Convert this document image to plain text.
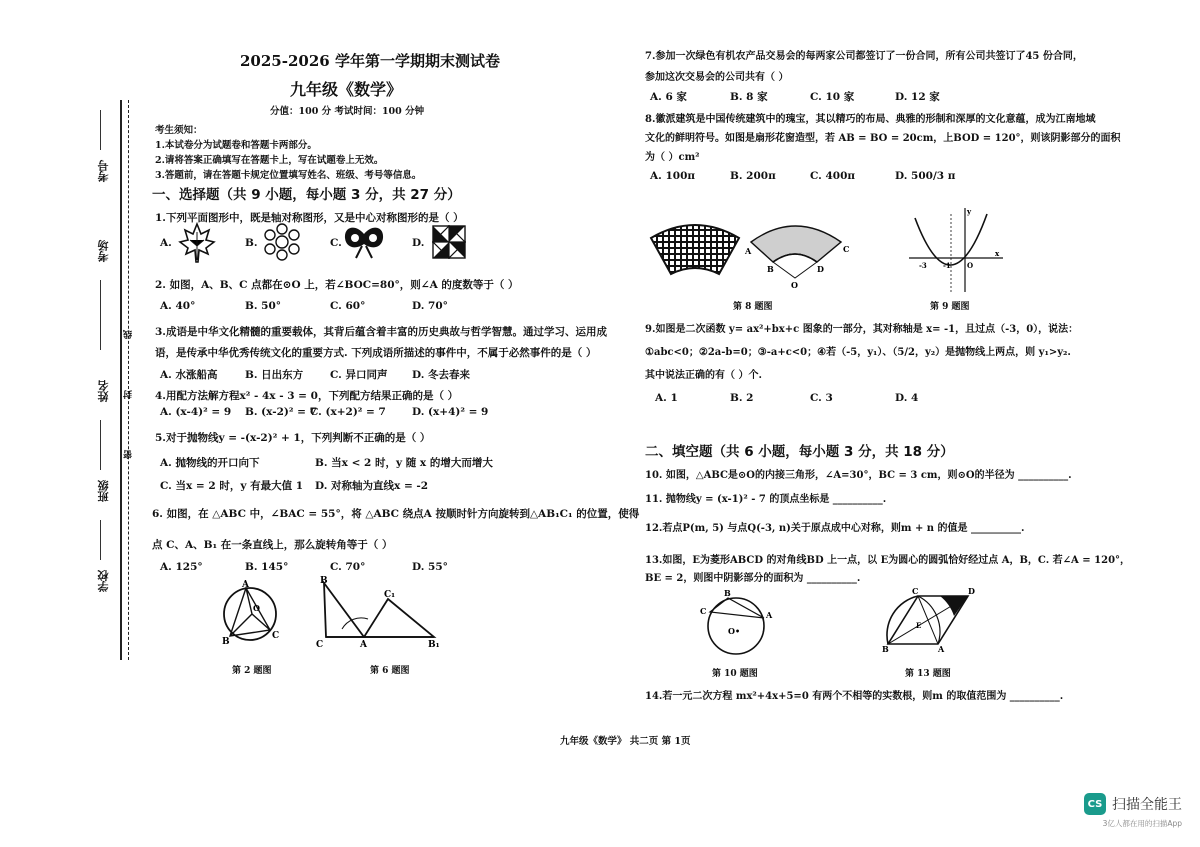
考号
考场
姓名
班级
学校
线
封
密
2025-2026 学年第一学期期末测试卷
九年级《数学》
分值：100 分 考试时间：100 分钟
考生须知：
1.本试卷分为试题卷和答题卡两部分。
2.请将答案正确填写在答题卡上，写在试题卷上无效。
3.答题前，请在答题卡规定位置填写姓名、班级、考号等信息。
一、选择题（共 9 小题，每小题 3 分，共 27 分）
1.下列平面图形中，既是轴对称图形，又是中心对称图形的是（ ）
A.	B.	C.	D.
2. 如图，A、B、C 点都在⊙O 上，若∠BOC=80°，则∠A 的度数等于（ ）
A. 40°	B. 50°	C. 60°	D. 70°
3.成语是中华文化精髓的重要载体，其背后蕴含着丰富的历史典故与哲学智慧。通过学习、运用成
语，是传承中华优秀传统文化的重要方式. 下列成语所描述的事件中，不属于必然事件的是（ ）
A. 水涨船高	B. 日出东方	C. 异口同声 D. 冬去春来
4.用配方法解方程x² - 4x - 3 = 0，下列配方结果正确的是（ ）
A. (x-4)² = 9 B. (x-2)² = 7
C. (x+2)² = 7 D. (x+4)² = 9
5.对于抛物线y = -(x-2)² + 1，下列判断不正确的是（ ）
A. 抛物线的开口向下	B. 当x < 2 时，y 随 x 的增大而增大
C. 当x = 2 时，y 有最大值 1 D. 对称轴为直线x = -2
6. 如图，在 △ABC 中，∠BAC = 55°，将 △ABC 绕点A 按顺时针方向旋转到△AB₁C₁ 的位置，使得
点 C、A、B₁ 在一条直线上，那么旋转角等于（ ）
A. 125°	B. 145°	C. 70°	D. 55°
A
B
C
O
B
C	A
C₁
B₁
第 2 题图	第 6 题图
7.参加一次绿色有机农产品交易会的每两家公司都签订了一份合同，所有公司共签订了45 份合同，
参加这次交易会的公司共有（ ）
A. 6 家	B. 8 家	C. 10 家	D. 12 家
8.徽派建筑是中国传统建筑中的瑰宝，其以精巧的布局、典雅的形制和深厚的文化意蕴，成为江南地域
文化的鲜明符号。如图是扇形花窗造型，若 AB = BO = 20cm，上BOD = 120°，则该阴影部分的面积
为（ ）cm²
A. 100π	B. 200π	C. 400π	D. 500/3 π
A
B
O
D
C
-3 -1 O
x
y
第 8 题图	第 9 题图
9.如图是二次函数 y= ax²+bx+c 图象的一部分，其对称轴是 x= -1，且过点（-3，0），说法：
①abc<0；②2a-b=0；③-a+c<0；④若（-5，y₁）、（5/2，y₂）是抛物线上两点，则 y₁>y₂.
其中说法正确的有（ ）个.
A. 1	B. 2	C. 3	D. 4
二、填空题（共 6 小题，每小题 3 分，共 18 分）
10. 如图，△ABC是⊙O的内接三角形，∠A=30°，BC = 3 cm，则⊙O的半径为 __________.
11. 抛物线y = (x-1)² - 7 的顶点坐标是 __________.
12.若点P(m, 5) 与点Q(-3, n)关于原点成中心对称，则m + n 的值是 __________.
13.如图，E为菱形ABCD 的对角线BD 上一点，以 E为圆心的圆弧恰好经过点 A，B，C. 若∠A = 120°，
BE = 2，则图中阴影部分的面积为 __________.
B
C	A
O•
C	D
B	A
E
第 10 题图	第 13 题图
14.若一元二次方程 mx²+4x+5=0 有两个不相等的实数根，则m 的取值范围为 __________.
九年级《数学》 共二页 第 1页
CS 扫描全能王
3亿人都在用的扫描App
